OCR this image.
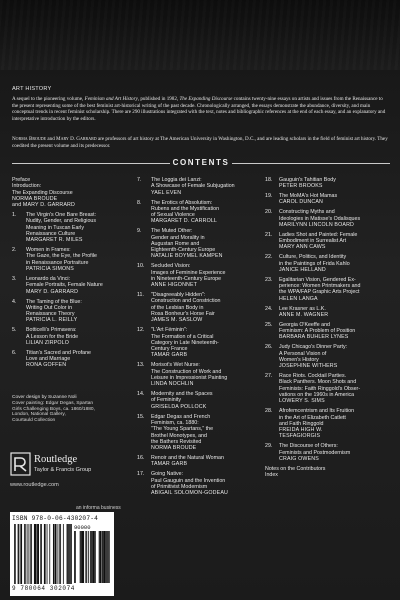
ART HISTORY

A sequel to the pioneering volume, Feminism and Art History, published in 1982, The Expanding Discourse contains twenty-nine essays on artists and issues from the Renaissance to the present representing some of the best feminist art-historical writing of the past decade. Chronologically arranged, the essays demonstrate the abundance, diversity, and main conceptual trends in recent feminist scholarship. There are 290 illustrations integrated with the text, notes and bibliographic references at the end of each essay, and an explanatory and interpretative introduction by the editors.

Norma Broude and Mary D. Garrard are professors of art history at The American University in Washington, D.C., and are leading scholars in the field of feminist art history. They coedited the present volume and its predecessor.

CONTENTS
Preface
Introduction:
The Expanding Discourse
NORMA BROUDE
and MARY D. GARRARD
1.	The Virgin's One Bare Breast:
Nudity, Gender, and Religious
Meaning in Tuscan Early
Renaissance Culture
MARGARET R. MILES
2.	Women in Frames:
The Gaze, the Eye, the Profile
in Renaissance Portraiture
PATRICIA SIMONS
3.	Leonardo da Vinci:
Female Portraits, Female Nature
MARY D. GARRARD
4.	The Taming of the Blue:
Writing Out Color in
Renaissance Theory
PATRICIA L. REILLY
5.	Botticelli's Primavera:
A Lesson for the Bride
LILIAN ZIRPOLO
6.	Titian's Sacred and Profane
Love and Marriage
RONA GOFFEN
7.	The Loggia dei Lanzi:
A Showcase of Female Subjugation
YAEL EVEN
8.	The Erotics of Absolutism:
Rubens and the Mystification
of Sexual Violence
MARGARET D. CARROLL
9.	The Muted Other:
Gender and Morality in
Augustan Rome and
Eighteenth-Century Europe
NATALIE BOYMEL KAMPEN
10.	Secluded Vision:
Images of Feminine Experience
in Nineteenth-Century Europe
ANNE HIGONNET
11.	"Disagreeably Hidden":
Construction and Constriction
of the Lesbian Body in
Rosa Bonheur's Horse Fair
JAMES M. SASLOW
12.	"L'Art Féminin":
The Formation of a Critical
Category in Late Nineteenth-
Century France
TAMAR GARB
13.	Morisot's Wet Nurse:
The Construction of Work and
Leisure in Impressionist Painting
LINDA NOCHLIN
14.	Modernity and the Spaces
of Femininity
GRISELDA POLLOCK
15.	Edgar Degas and French
Feminism, ca. 1880:
"The Young Spartans," the
Brothel Monotypes, and
the Bathers Revisited
NORMA BROUDE
16.	Renoir and the Natural Woman
TAMAR GARB
17.	Going Native:
Paul Gauguin and the Invention
of Primitivist Modernism
ABIGAIL SOLOMON-GODEAU
18.	Gauguin's Tahitian Body
PETER BROOKS
19.	The MoMA's Hot Mamas
CAROL DUNCAN
20.	Constructing Myths and
Ideologies in Matisse's Odalisques
MARILYNN LINCOLN BOARD
21.	Ladies Shot and Painted: Female
Embodiment in Surrealist Art
MARY ANN CAWS
22.	Culture, Politics, and Identity
in the Paintings of Frida Kahlo
JANICE HELLAND
23.	Egalitarian Vision, Gendered Ex-
perience: Women Printmakers and
the WPA/FAP Graphic Arts Project
HELEN LANGA
24.	Lee Krasner as L.K.
ANNE M. WAGNER
25.	Georgia O'Keeffe and
Feminism: A Problem of Position
BARBARA BUHLER LYNES
26.	Judy Chicago's Dinner Party:
A Personal Vision of
Women's History
JOSEPHINE WITHERS
27.	Race Riots. Cocktail Parties.
Black Panthers. Moon Shots and
Feminists: Faith Ringgold's Obser-
vations on the 1960s in America
LOWERY S. SIMS
28.	Afrofemcentrism and Its Fruition
in the Art of Elizabeth Catlett
and Faith Ringgold
FREIDA HIGH W.
TESFAGIORGIS
29.	The Discourse of Others:
Feminists and Postmodernism
CRAIG OWENS
Notes on the Contributors
Index
Cover design by Suzanne Noli
Cover painting: Edgar Degas, Spartan
Girls Challenging Boys, ca. 1860/1880,
London, National Gallery,
Courtauld Collection
Routledge
Taylor & Francis Group
www.routledge.com
an informa business
ISBN 978-0-06-430207-4
90000
9 780064 302074
